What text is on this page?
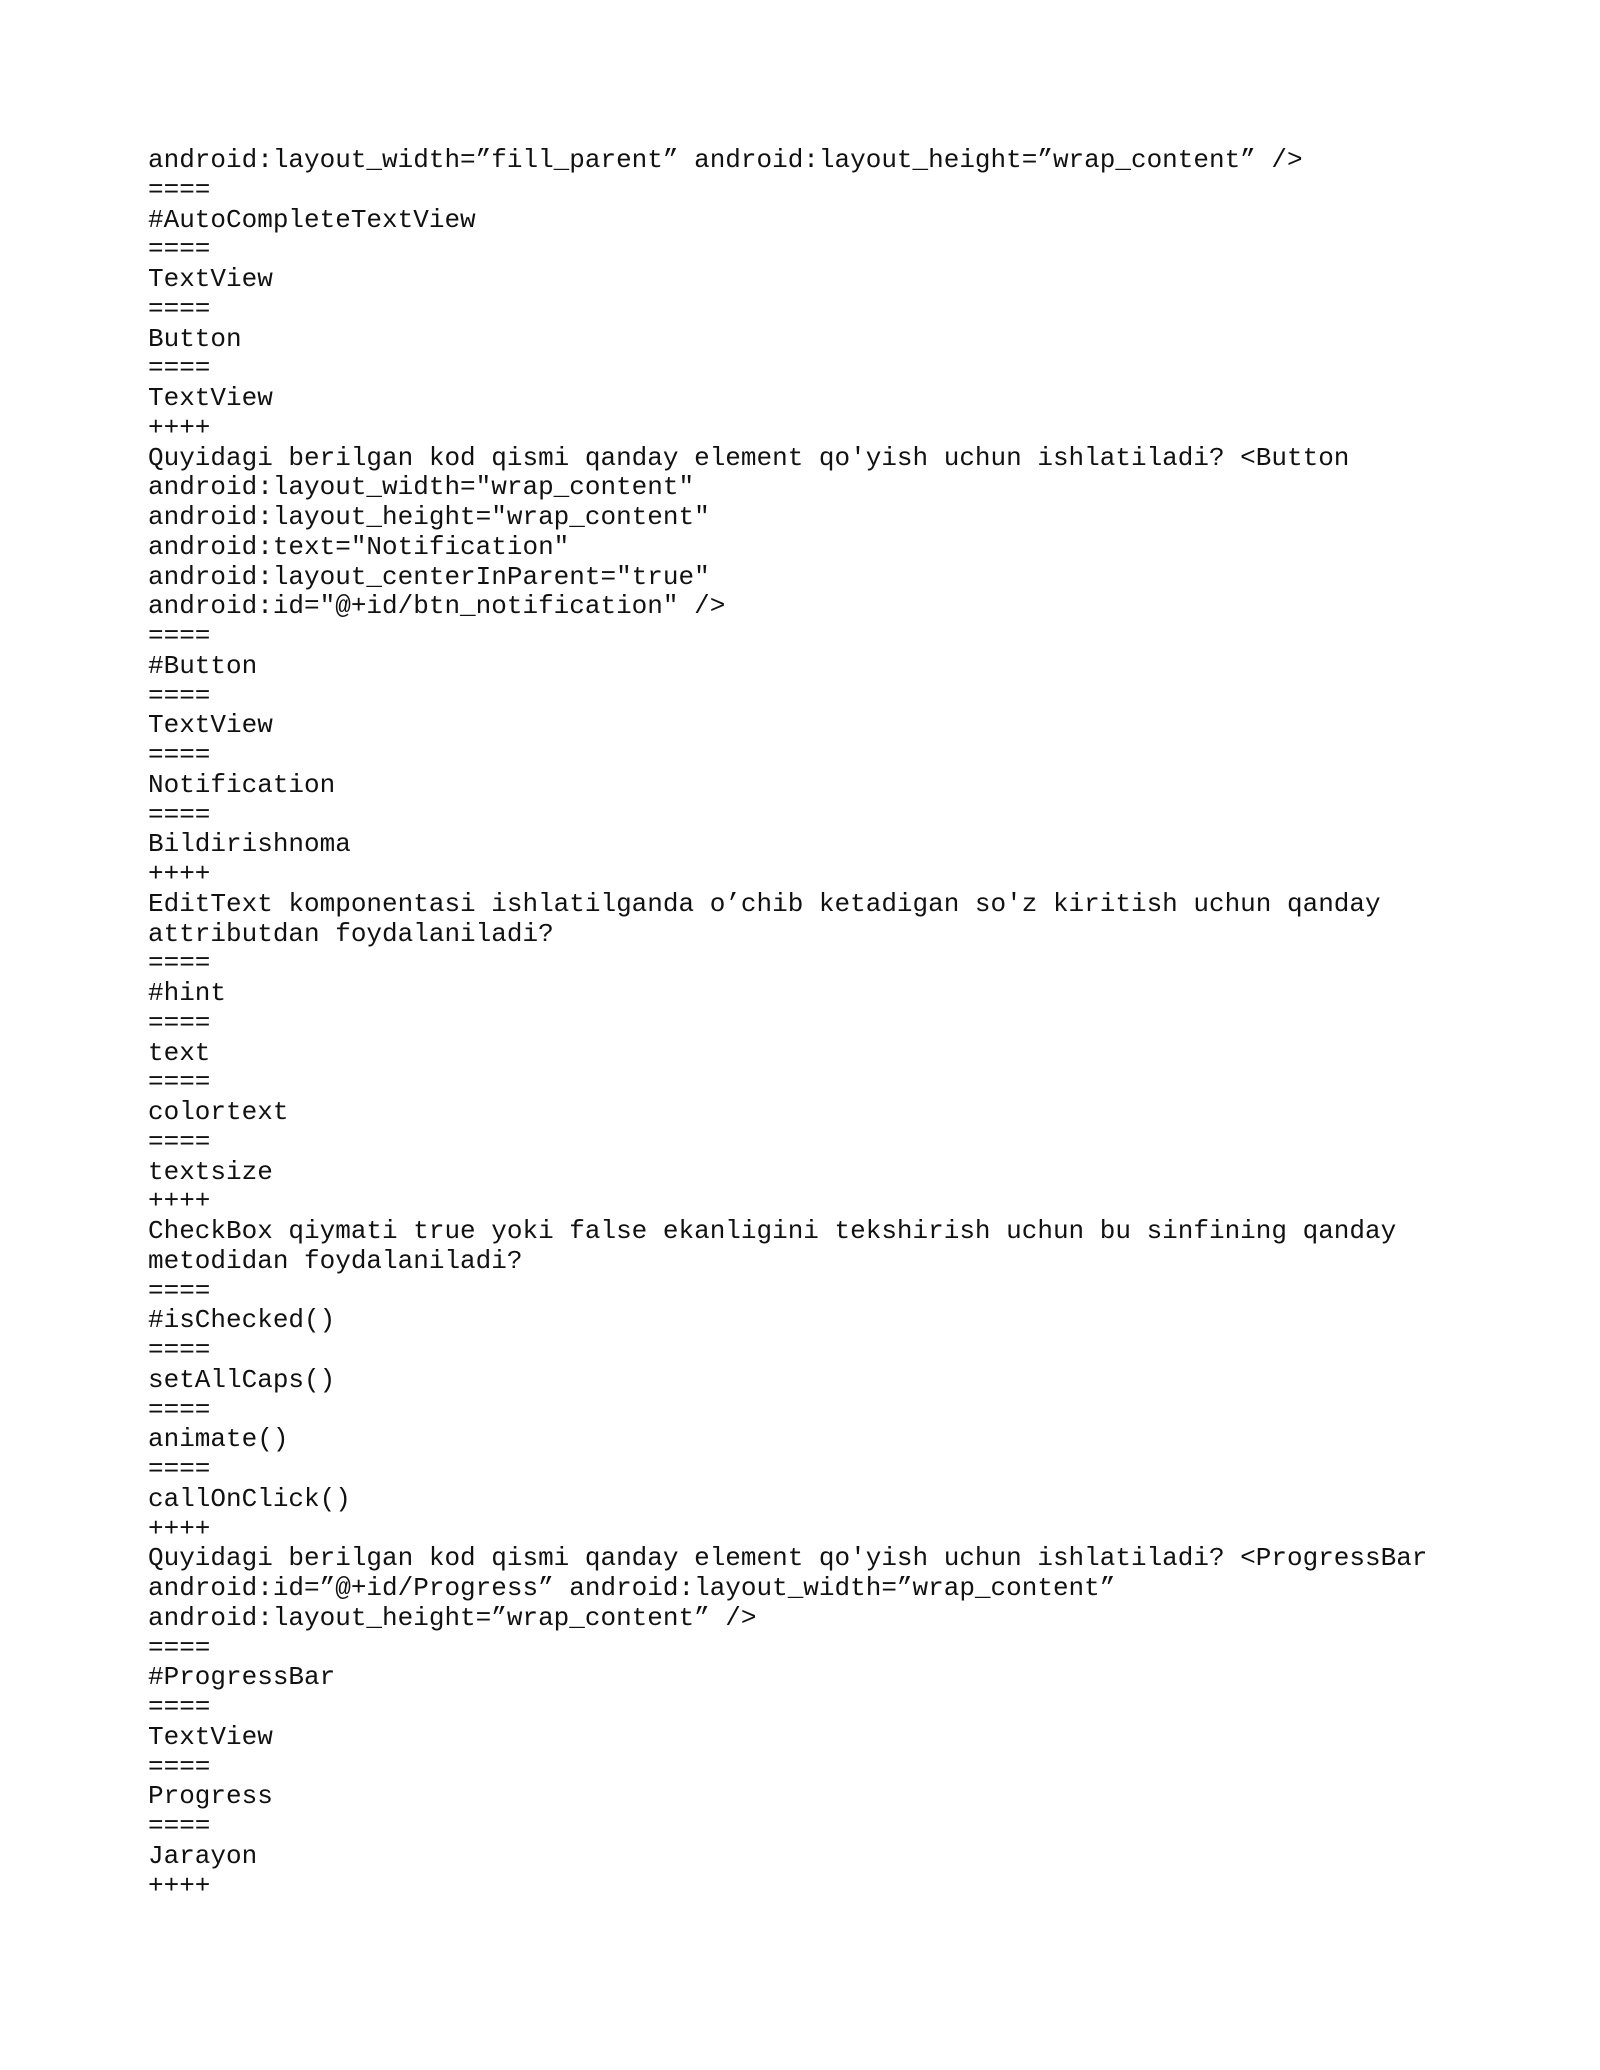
android:layout_width=”fill_parent” android:layout_height=”wrap_content” />
====
#AutoCompleteTextView
====
TextView
====
Button
====
TextView
++++
Quyidagi berilgan kod qismi qanday element qo'yish uchun ishlatiladi? <Button
android:layout_width="wrap_content"
android:layout_height="wrap_content"
android:text="Notification"
android:layout_centerInParent="true"
android:id="@+id/btn_notification" />
====
#Button
====
TextView
====
Notification
====
Bildirishnoma
++++
EditText komponentasi ishlatilganda o’chib ketadigan so'z kiritish uchun qanday
attributdan foydalaniladi?
====
#hint
====
text
====
colortext
====
textsize
++++
CheckBox qiymati true yoki false ekanligini tekshirish uchun bu sinfining qanday
metodidan foydalaniladi?
====
#isChecked()
====
setAllCaps()
====
animate()
====
callOnClick()
++++
Quyidagi berilgan kod qismi qanday element qo'yish uchun ishlatiladi? <ProgressBar
android:id=”@+id/Progress” android:layout_width=”wrap_content”
android:layout_height=”wrap_content” />
====
#ProgressBar
====
TextView
====
Progress
====
Jarayon
++++
